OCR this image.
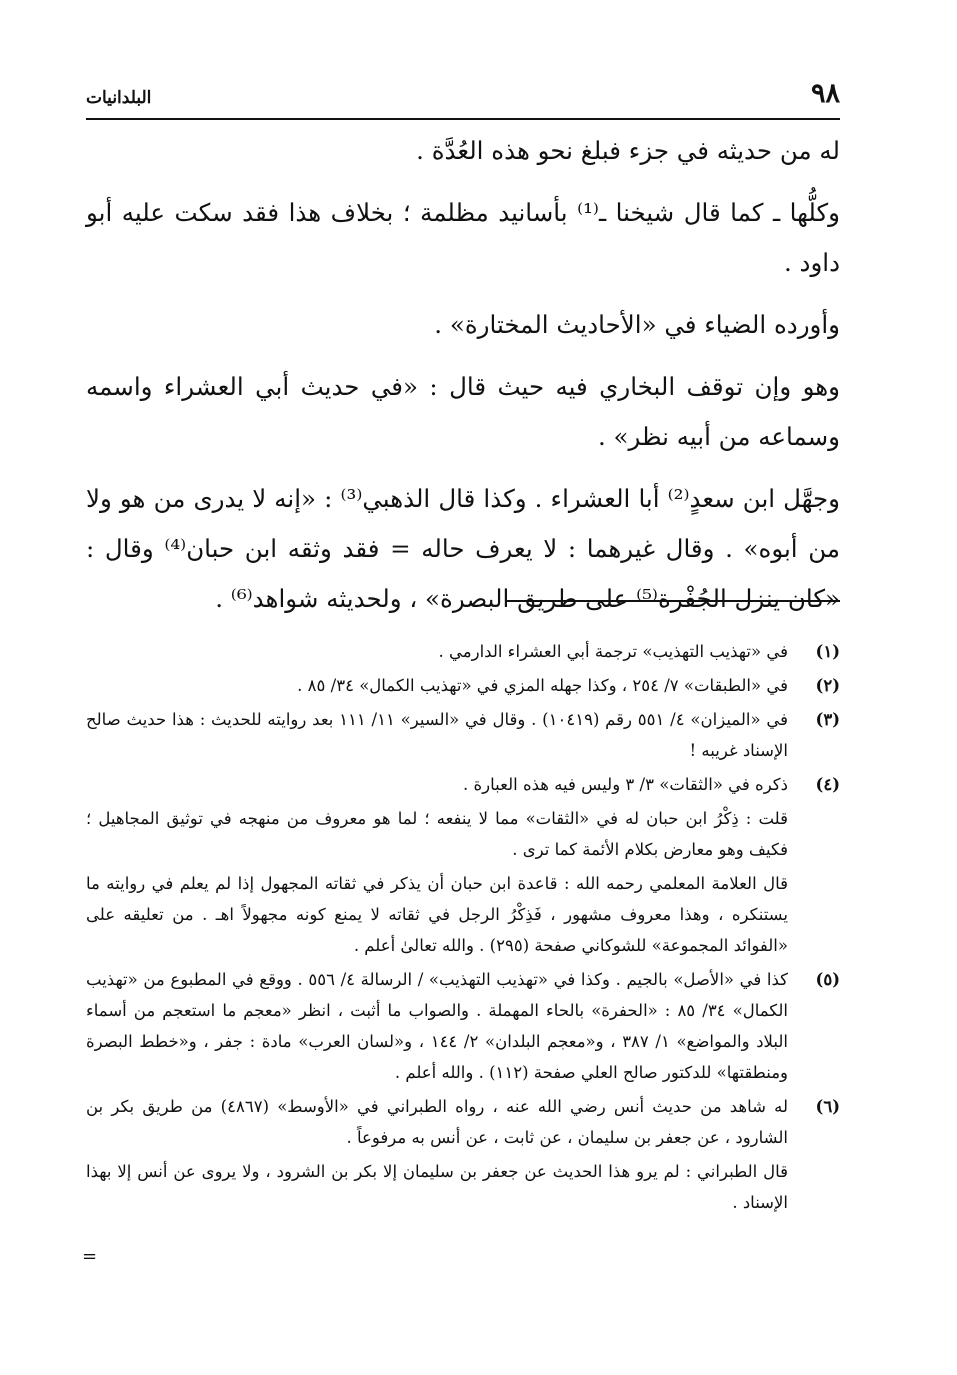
٩٨
البلدانيات

له من حديثه في جزء فبلغ نحو هذه العُدَّة .

وكلُّها ـ كما قال شيخنا ـ⁽¹⁾ بأسانيد مظلمة ؛ بخلاف هذا فقد سكت عليه أبو داود .

وأورده الضياء في «الأحاديث المختارة» .

وهو وإن توقف البخاري فيه حيث قال : «في حديث أبي العشراء واسمه وسماعه من أبيه نظر» .

وجهَّل ابن سعدٍ⁽²⁾ أبا العشراء . وكذا قال الذهبي⁽³⁾ : «إنه لا يدرى من هو ولا من أبوه» . وقال غيرهما : لا يعرف حاله = فقد وثقه ابن حبان⁽⁴⁾ وقال : «كان ينزل الجُفْرة⁽⁵⁾ على طريق البصرة» ، ولحديثه شواهد⁽⁶⁾ .

(١)
في «تهذيب التهذيب» ترجمة أبي العشراء الدارمي .
(٢)
في «الطبقات» ٧/ ٢٥٤ ، وكذا جهله المزي في «تهذيب الكمال» ٣٤/ ٨٥ .
(٣)
في «الميزان» ٤/ ٥٥١ رقم (١٠٤١٩) . وقال في «السير» ١١/ ١١١ بعد روايته للحديث : هذا حديث صالح الإسناد غريبه !
(٤)
ذكره في «الثقات» ٣/ ٣ وليس فيه هذه العبارة .

قلت : ذِكْرُ ابن حبان له في «الثقات» مما لا ينفعه ؛ لما هو معروف من منهجه في توثيق المجاهيل ؛ فكيف وهو معارض بكلام الأئمة كما ترى .

قال العلامة المعلمي رحمه الله : قاعدة ابن حبان أن يذكر في ثقاته المجهول إذا لم يعلم في روايته ما يستنكره ، وهذا معروف مشهور ، فَذِكْرُ الرجل في ثقاته لا يمنع كونه مجهولاً اهـ . من تعليقه على «الفوائد المجموعة» للشوكاني صفحة (٢٩٥) . والله تعالىٰ أعلم .

(٥)
كذا في «الأصل» بالجيم . وكذا في «تهذيب التهذيب» / الرسالة ٤/ ٥٥٦ . ووقع في المطبوع من «تهذيب الكمال» ٣٤/ ٨٥ : «الحفرة» بالحاء المهملة . والصواب ما أثبت ، انظر «معجم ما استعجم من أسماء البلاد والمواضع» ١/ ٣٨٧ ، و«معجم البلدان» ٢/ ١٤٤ ، و«لسان العرب» مادة : جفر ، و«خطط البصرة ومنطقتها» للدكتور صالح العلي صفحة (١١٢) . والله أعلم .
(٦)
له شاهد من حديث أنس رضي الله عنه ، رواه الطبراني في «الأوسط» (٤٨٦٧) من طريق بكر بن الشارود ، عن جعفر بن سليمان ، عن ثابت ، عن أنس به مرفوعاً .

قال الطبراني : لم يرو هذا الحديث عن جعفر بن سليمان إلا بكر بن الشرود ، ولا يروى عن أنس إلا بهذا الإسناد .

=
